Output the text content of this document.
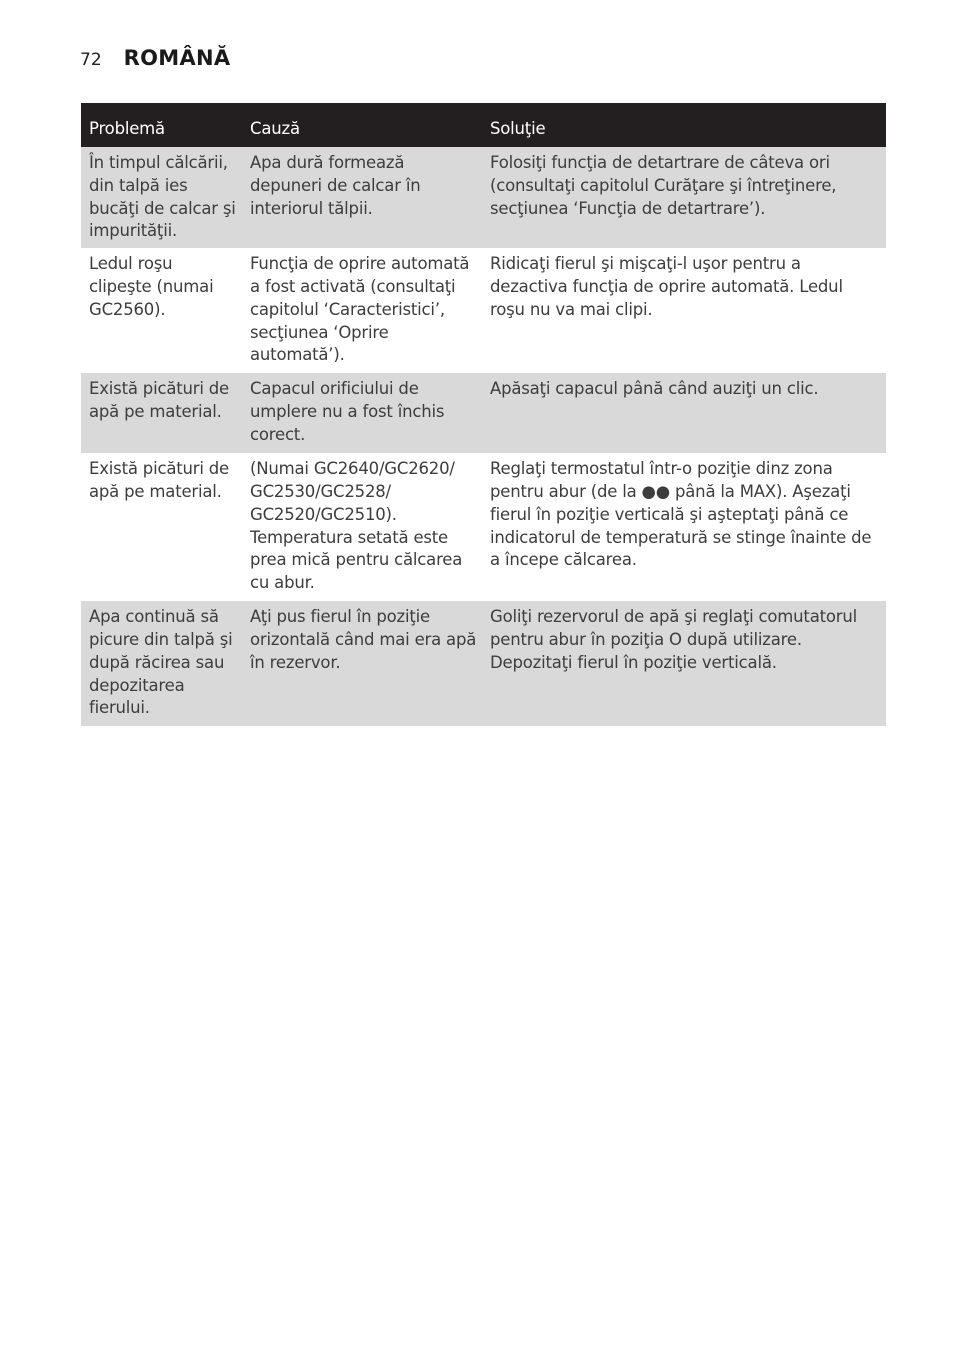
72 ROMÂNĂ
Problemă	Cauză	Soluţie
În timpul călcării, din talpă ies bucăţi de calcar şi impurităţii.	Apa dură formează depuneri de calcar în interiorul tălpii.	Folosiţi funcţia de detartrare de câteva ori (consultaţi capitolul Curăţare şi întreţinere, secţiunea ‘Funcţia de detartrare’).
Ledul roşu clipeşte (numai GC2560).	Funcţia de oprire automată a fost activată (consultaţi capitolul ‘Caracteristici’, secţiunea ‘Oprire automată’).	Ridicaţi fierul şi mişcaţi-l uşor pentru a dezactiva funcţia de oprire automată. Ledul roşu nu va mai clipi.
Există picături de apă pe material.	Capacul orificiului de umplere nu a fost închis corect.	Apăsaţi capacul până când auziţi un clic.
Există picături de apă pe material.	(Numai GC2640/GC2620/ GC2530/GC2528/ GC2520/GC2510). Temperatura setată este prea mică pentru călcarea cu abur.	Reglaţi termostatul într-o poziţie dinz zona pentru abur (de la ●● până la MAX). Aşezaţi fierul în poziţie verticală şi aşteptaţi până ce indicatorul de temperatură se stinge înainte de a începe călcarea.
Apa continuă să picure din talpă şi după răcirea sau depozitarea fierului.	Aţi pus fierul în poziţie orizontală când mai era apă în rezervor.	Goliţi rezervorul de apă şi reglaţi comutatorul pentru abur în poziţia O după utilizare. Depozitaţi fierul în poziţie verticală.
